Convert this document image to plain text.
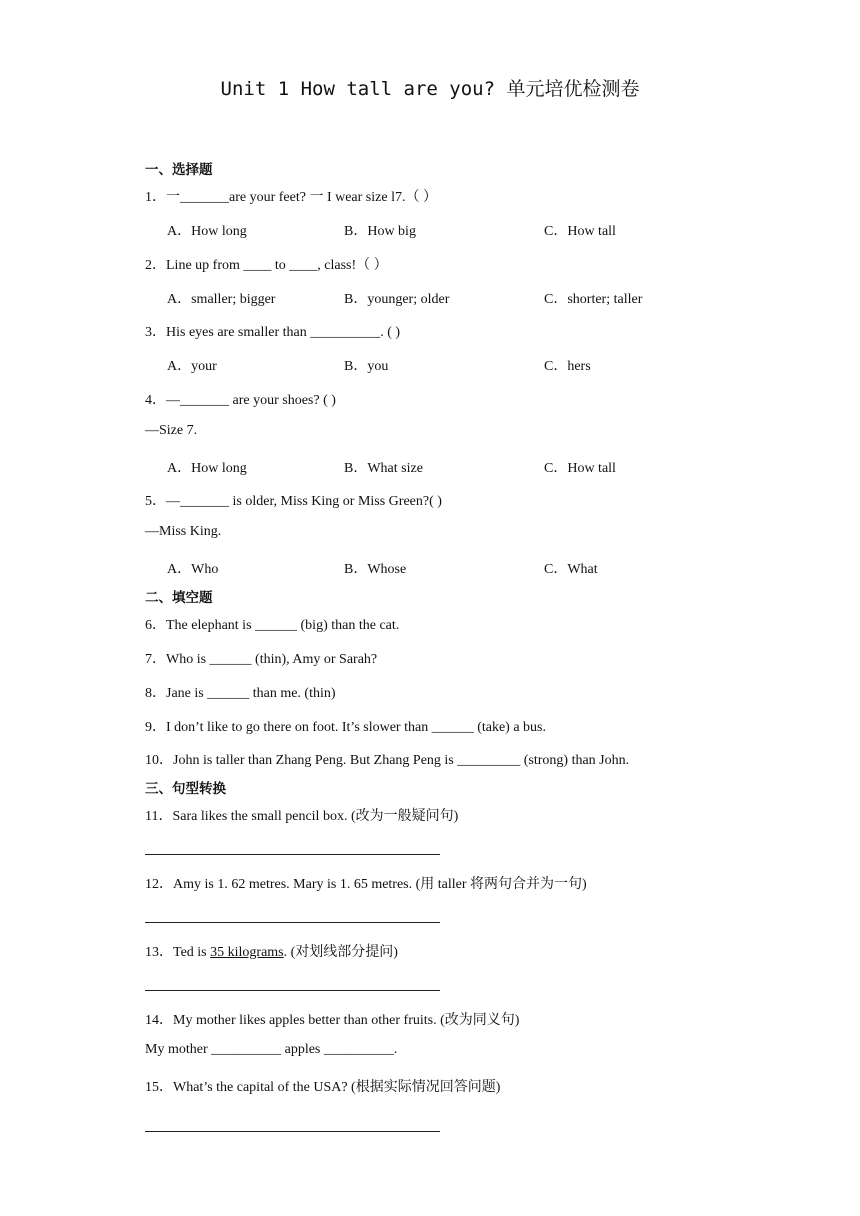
Unit 1 How tall are you? 单元培优检测卷
一、选择题
1．一_______are your feet? 一 I wear size l7.（ ）
A．How long	B．How big	C．How tall
2．Line up from ____ to ____, class!（ ）
A．smaller; bigger	B．younger; older	C．shorter; taller
3．His eyes are smaller than __________. ( )
A．your	B．you	C．hers
4．—_______ are your shoes? ( )
—Size 7.
A．How long	B．What size	C．How tall
5．—_______ is older, Miss King or Miss Green?( )
—Miss King.
A．Who	B．Whose	C．What
二、填空题
6．The elephant is ______ (big) than the cat.
7．Who is ______ (thin), Amy or Sarah?
8．Jane is ______ than me. (thin)
9．I don’t like to go there on foot. It’s slower than ______ (take) a bus.
10．John is taller than Zhang Peng. But Zhang Peng is _________ (strong) than John.
三、句型转换
11．Sara likes the small pencil box. (改为一般疑问句)
12．Amy is 1. 62 metres. Mary is 1. 65 metres. (用 taller 将两句合并为一句)
13．Ted is 35 kilograms. (对划线部分提问)
14．My mother likes apples better than other fruits. (改为同义句)
My mother __________ apples __________.
15．What’s the capital of the USA? (根据实际情况回答问题)
